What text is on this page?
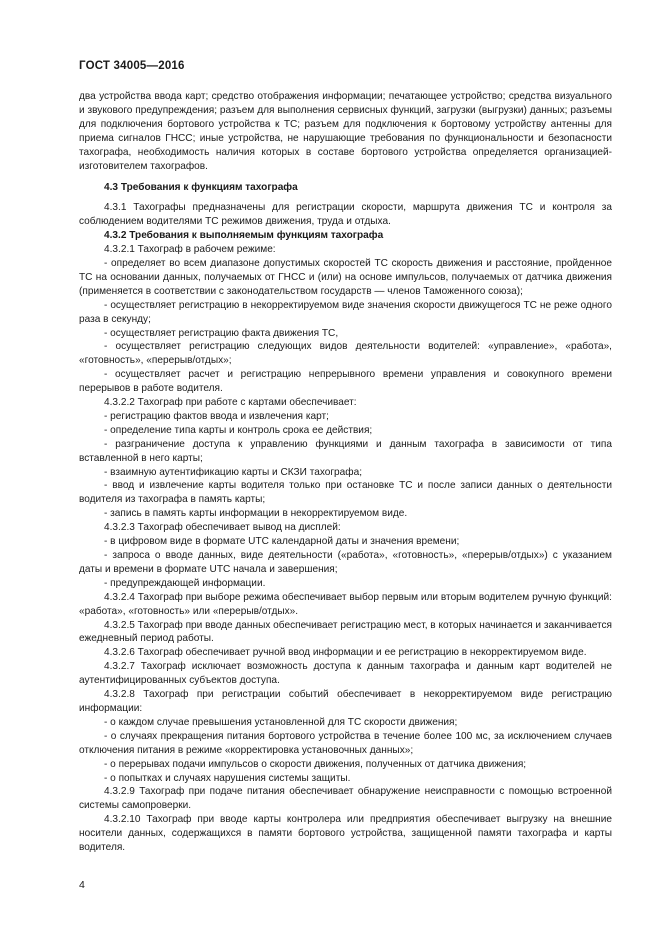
ГОСТ 34005—2016

два устройства ввода карт; средство отображения информации; печатающее устройство; средства визуального и звукового предупреждения; разъем для выполнения сервисных функций, загрузки (выгрузки) данных; разъемы для подключения бортового устройства к ТС; разъем для подключения к бортовому устройству антенны для приема сигналов ГНСС; иные устройства, не нарушающие требования по функциональности и безопасности тахографа, необходимость наличия которых в составе бортового устройства определяется организацией-изготовителем тахографов.

4.3 Требования к функциям тахографа

4.3.1 Тахографы предназначены для регистрации скорости, маршрута движения ТС и контроля за соблюдением водителями ТС режимов движения, труда и отдыха.

4.3.2 Требования к выполняемым функциям тахографа

4.3.2.1 Тахограф в рабочем режиме:

- определяет во всем диапазоне допустимых скоростей ТС скорость движения и расстояние, пройденное ТС на основании данных, получаемых от ГНСС и (или) на основе импульсов, получаемых от датчика движения (применяется в соответствии с законодательством государств — членов Таможенного союза);

- осуществляет регистрацию в некорректируемом виде значения скорости движущегося ТС не реже одного раза в секунду;

- осуществляет регистрацию факта движения ТС,

- осуществляет регистрацию следующих видов деятельности водителей: «управление», «работа», «готовность», «перерыв/отдых»;

- осуществляет расчет и регистрацию непрерывного времени управления и совокупного времени перерывов в работе водителя.

4.3.2.2 Тахограф при работе с картами обеспечивает:

- регистрацию фактов ввода и извлечения карт;

- определение типа карты и контроль срока ее действия;

- разграничение доступа к управлению функциями и данным тахографа в зависимости от типа вставленной в него карты;

- взаимную аутентификацию карты и СКЗИ тахографа;

- ввод и извлечение карты водителя только при остановке ТС и после записи данных о деятельности водителя из тахографа в память карты;

- запись в память карты информации в некорректируемом виде.

4.3.2.3 Тахограф обеспечивает вывод на дисплей:

- в цифровом виде в формате UTC календарной даты и значения времени;

- запроса о вводе данных, виде деятельности («работа», «готовность», «перерыв/отдых») с указанием даты и времени в формате UTC начала и завершения;

- предупреждающей информации.

4.3.2.4 Тахограф при выборе режима обеспечивает выбор первым или вторым водителем ручную функций: «работа», «готовность» или «перерыв/отдых».

4.3.2.5 Тахограф при вводе данных обеспечивает регистрацию мест, в которых начинается и заканчивается ежедневный период работы.

4.3.2.6 Тахограф обеспечивает ручной ввод информации и ее регистрацию в некорректируемом виде.

4.3.2.7 Тахограф исключает возможность доступа к данным тахографа и данным карт водителей не аутентифицированных субъектов доступа.

4.3.2.8 Тахограф при регистрации событий обеспечивает в некорректируемом виде регистрацию информации:

- о каждом случае превышения установленной для ТС скорости движения;

- о случаях прекращения питания бортового устройства в течение более 100 мс, за исключением случаев отключения питания в режиме «корректировка установочных данных»;

- о перерывах подачи импульсов о скорости движения, полученных от датчика движения;

- о попытках и случаях нарушения системы защиты.

4.3.2.9 Тахограф при подаче питания обеспечивает обнаружение неисправности с помощью встроенной системы самопроверки.

4.3.2.10 Тахограф при вводе карты контролера или предприятия обеспечивает выгрузку на внешние носители данных, содержащихся в памяти бортового устройства, защищенной памяти тахографа и карты водителя.

4
